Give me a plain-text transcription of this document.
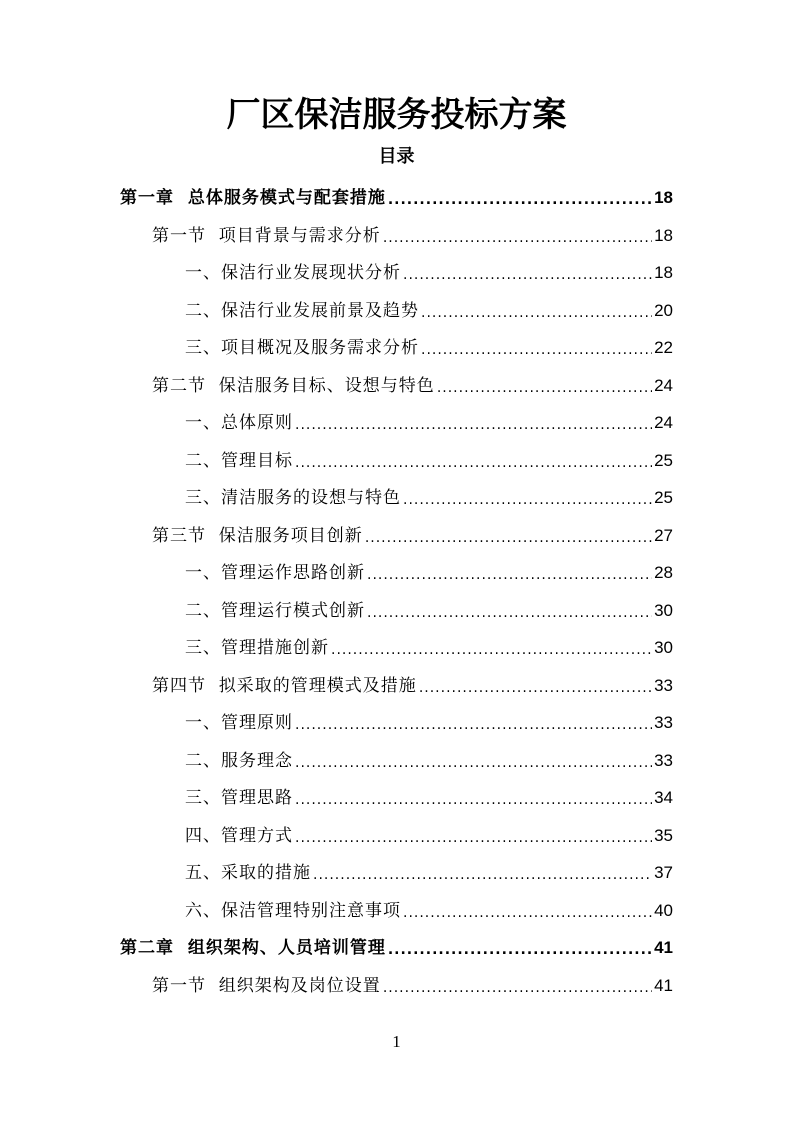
厂区保洁服务投标方案
目录
第一章  总体服务模式与配套措施 .....	18
第一节  项目背景与需求分析 .....	18
一、保洁行业发展现状分析 .....	18
二、保洁行业发展前景及趋势 .....	20
三、项目概况及服务需求分析 .....	22
第二节  保洁服务目标、设想与特色 .....	24
一、总体原则 .....	24
二、管理目标 .....	25
三、清洁服务的设想与特色 .....	25
第三节  保洁服务项目创新 .....	27
一、管理运作思路创新 .....	28
二、管理运行模式创新 .....	30
三、管理措施创新 .....	30
第四节  拟采取的管理模式及措施 .....	33
一、管理原则 .....	33
二、服务理念 .....	33
三、管理思路 .....	34
四、管理方式 .....	35
五、采取的措施 .....	37
六、保洁管理特别注意事项 .....	40
第二章  组织架构、人员培训管理 .....	41
第一节  组织架构及岗位设置 .....	41
1
